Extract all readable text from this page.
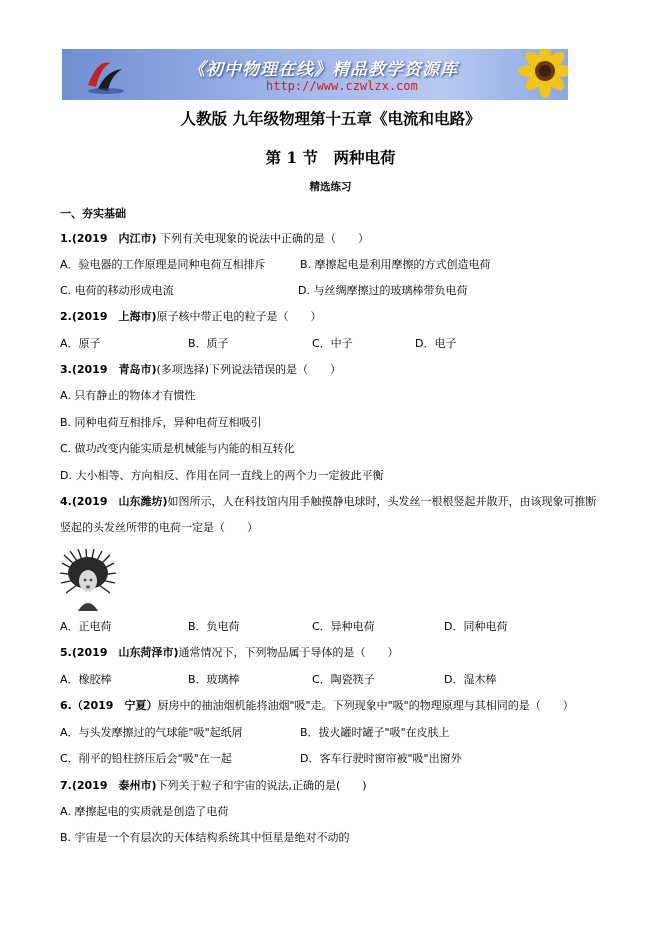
《初中物理在线》精品教学资源库
http://www.czwlzx.com
人教版 九年级物理第十五章《电流和电路》
第 1 节　两种电荷
精选练习
一、夯实基础
1.(2019　内江市) 下列有关电现象的说法中正确的是（　　）
A．验电器的工作原理是同种电荷互相排斥	B. 摩擦起电是利用摩擦的方式创造电荷
C. 电荷的移动形成电流	D. 与丝绸摩擦过的玻璃棒带负电荷
2.(2019　上海市)原子核中带正电的粒子是（　　）
A．原子	B．质子	C．中子	D．电子
3.(2019　青岛市)(多项选择)下列说法错误的是（　　）
A. 只有静止的物体才有惯性
B. 同种电荷互相排斥，异种电荷互相吸引
C. 做功改变内能实质是机械能与内能的相互转化
D. 大小相等、方向相反、作用在同一直线上的两个力一定彼此平衡
4.(2019　山东潍坊)如图所示，人在科技馆内用手触摸静电球时，头发丝一根根竖起并散开，由该现象可推断
竖起的头发丝所带的电荷一定是（　　）
A．正电荷	B．负电荷	C．异种电荷	D．同种电荷
5.(2019　山东菏泽市)通常情况下，下列物品属于导体的是（　　）
A．橡胶棒	B．玻璃棒	C．陶瓷筷子	D．湿木棒
6.（2019　宁夏）厨房中的抽油烟机能将油烟"吸"走。下列现象中"吸"的物理原理与其相同的是（　　）
A．与头发摩擦过的气球能"吸"起纸屑	B．拔火罐时罐子"吸"在皮肤上
C．削平的铅柱挤压后会"吸"在一起	D．客车行驶时窗帘被"吸"出窗外
7.(2019　泰州市)下列关于粒子和宇宙的说法,正确的是(　　)
A. 摩擦起电的实质就是创造了电荷
B. 宇宙是一个有层次的天体结构系统其中恒星是绝对不动的
